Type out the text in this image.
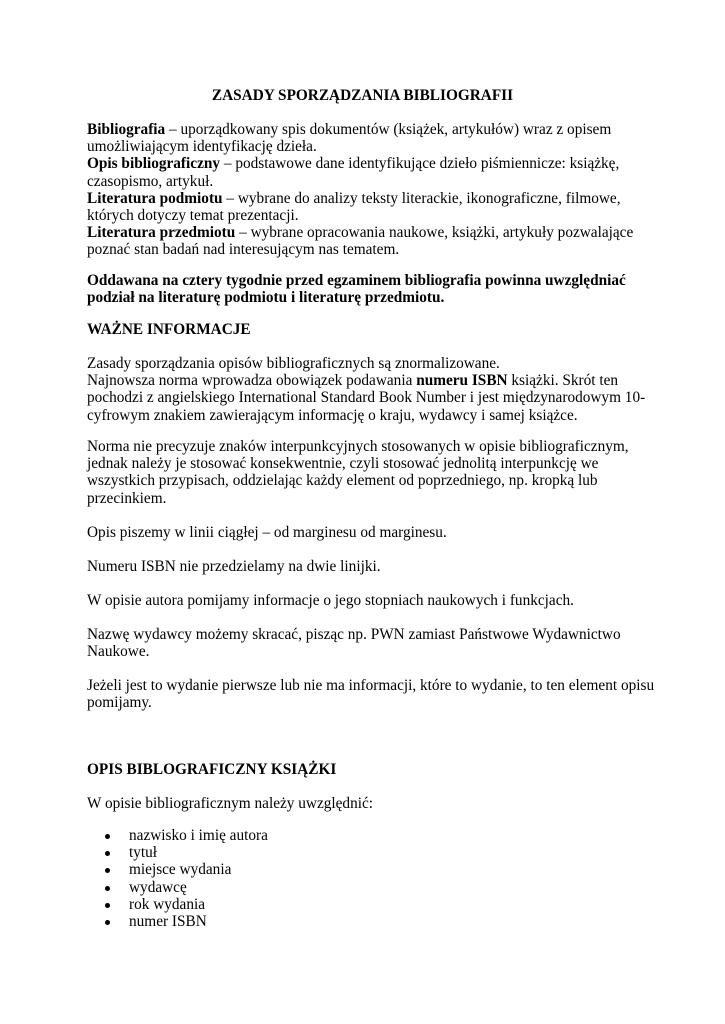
ZASADY SPORZĄDZANIA BIBLIOGRAFII

Bibliografia – uporządkowany spis dokumentów (książek, artykułów) wraz z opisem umożliwiającym identyfikację dzieła.
Opis bibliograficzny – podstawowe dane identyfikujące dzieło piśmiennicze: książkę, czasopismo, artykuł.
Literatura podmiotu – wybrane do analizy teksty literackie, ikonograficzne, filmowe, których dotyczy temat prezentacji.
Literatura przedmiotu – wybrane opracowania naukowe, książki, artykuły pozwalające poznać stan badań nad interesującym nas tematem.

Oddawana na cztery tygodnie przed egzaminem bibliografia powinna uwzględniać podział na literaturę podmiotu i literaturę przedmiotu.

WAŻNE INFORMACJE

Zasady sporządzania opisów bibliograficznych są znormalizowane.
Najnowsza norma wprowadza obowiązek podawania numeru ISBN książki. Skrót ten pochodzi z angielskiego International Standard Book Number i jest międzynarodowym 10-cyfrowym znakiem zawierającym informację o kraju, wydawcy i samej książce.

Norma nie precyzuje znaków interpunkcyjnych stosowanych w opisie bibliograficznym, jednak należy je stosować konsekwentnie, czyli stosować jednolitą interpunkcję we wszystkich przypisach, oddzielając każdy element od poprzedniego, np. kropką lub przecinkiem.

Opis piszemy w linii ciągłej – od marginesu od marginesu.

Numeru ISBN nie przedzielamy na dwie linijki.

W opisie autora pomijamy informacje o jego stopniach naukowych i funkcjach.

Nazwę wydawcy możemy skracać, pisząc np. PWN zamiast Państwowe Wydawnictwo Naukowe.

Jeżeli jest to wydanie pierwsze lub nie ma informacji, które to wydanie, to ten element opisu pomijamy.

OPIS BIBLOGRAFICZNY KSIĄŻKI

W opisie bibliograficznym należy uwzględnić:

nazwisko i imię autora
tytuł
miejsce wydania
wydawcę
rok wydania
numer ISBN
